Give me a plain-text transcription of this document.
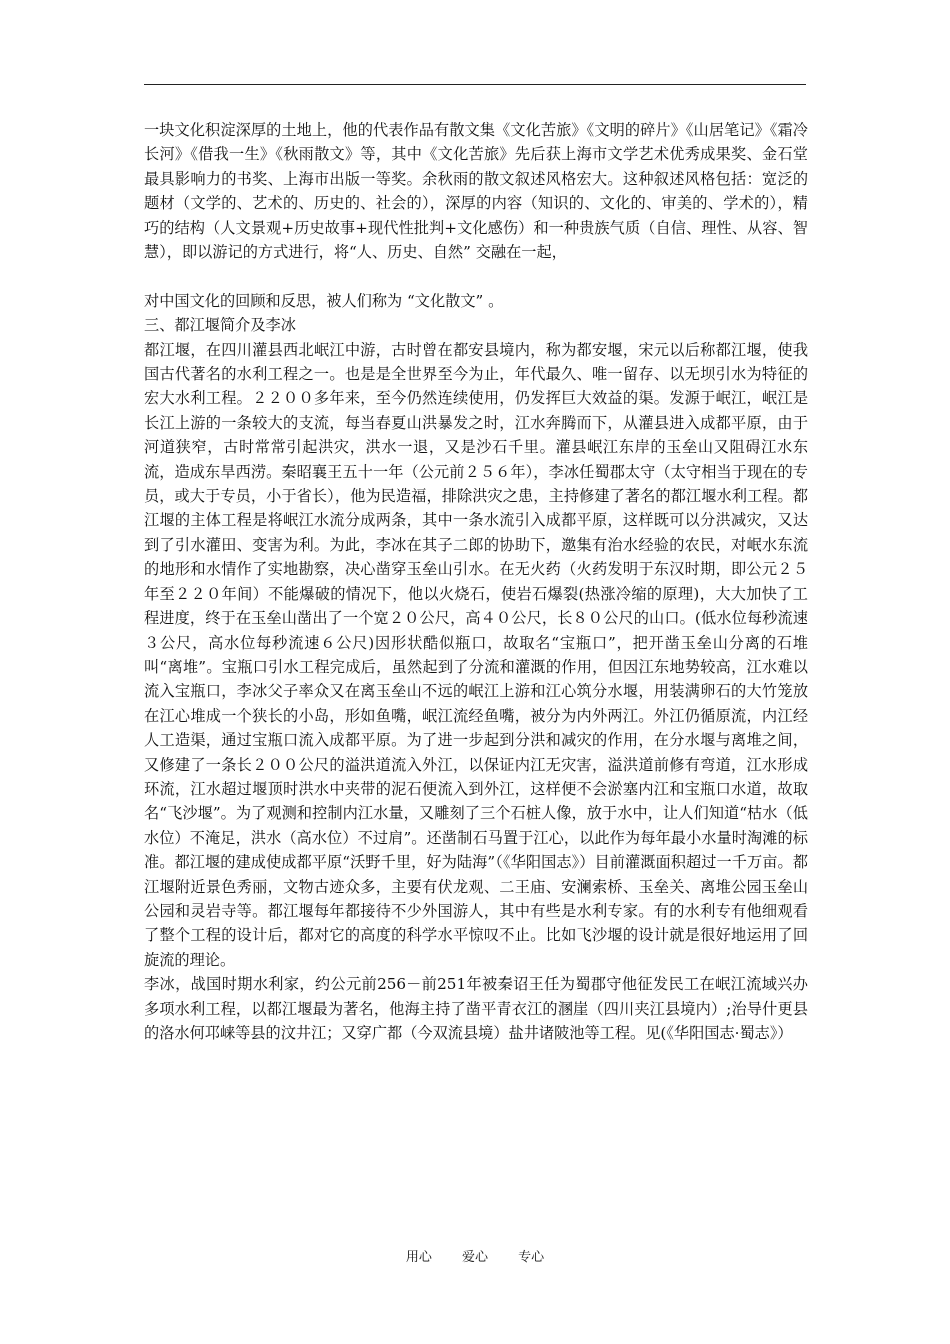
一块文化积淀深厚的土地上，他的代表作品有散文集《文化苦旅》《文明的碎片》《山居笔记》《霜冷长河》《借我一生》《秋雨散文》等，其中《文化苦旅》先后获上海市文学艺术优秀成果奖、金石堂最具影响力的书奖、上海市出版一等奖。余秋雨的散文叙述风格宏大。这种叙述风格包括：宽泛的题材（文学的、艺术的、历史的、社会的），深厚的内容（知识的、文化的、审美的、学术的），精巧的结构（人文景观+历史故事+现代性批判+文化感伤）和一种贵族气质（自信、理性、从容、智慧），即以游记的方式进行，将“人、历史、自然” 交融在一起，

对中国文化的回顾和反思，被人们称为 “文化散文” 。

三、都江堰简介及李冰

都江堰，在四川灌县西北岷江中游，古时曾在都安县境内，称为都安堰，宋元以后称都江堰，使我国古代著名的水利工程之一。也是是全世界至今为止，年代最久、唯一留存、以无坝引水为特征的宏大水利工程。２２００多年来，至今仍然连续使用，仍发挥巨大效益的渠。发源于岷江，岷江是长江上游的一条较大的支流，每当春夏山洪暴发之时，江水奔腾而下，从灌县进入成都平原，由于河道狭窄，古时常常引起洪灾，洪水一退，又是沙石千里。灌县岷江东岸的玉垒山又阻碍江水东流，造成东旱西涝。秦昭襄王五十一年（公元前２５６年），李冰任蜀郡太守（太守相当于现在的专员，或大于专员，小于省长），他为民造福，排除洪灾之患，主持修建了著名的都江堰水利工程。都江堰的主体工程是将岷江水流分成两条，其中一条水流引入成都平原，这样既可以分洪减灾，又达到了引水灌田、变害为利。为此，李冰在其子二郎的协助下，邀集有治水经验的农民，对岷水东流的地形和水情作了实地勘察，决心凿穿玉垒山引水。在无火药（火药发明于东汉时期，即公元２５年至２２０年间）不能爆破的情况下，他以火烧石，使岩石爆裂(热涨冷缩的原理)，大大加快了工程进度，终于在玉垒山凿出了一个宽２０公尺，高４０公尺，长８０公尺的山口。(低水位每秒流速３公尺，高水位每秒流速６公尺)因形状酷似瓶口，故取名“宝瓶口”，把开凿玉垒山分离的石堆叫“离堆”。宝瓶口引水工程完成后，虽然起到了分流和灌溉的作用，但因江东地势较高，江水难以流入宝瓶口，李冰父子率众又在离玉垒山不远的岷江上游和江心筑分水堰，用装满卵石的大竹笼放在江心堆成一个狭长的小岛，形如鱼嘴，岷江流经鱼嘴，被分为内外两江。外江仍循原流，内江经人工造渠，通过宝瓶口流入成都平原。为了进一步起到分洪和减灾的作用，在分水堰与离堆之间，又修建了一条长２００公尺的溢洪道流入外江，以保证内江无灾害，溢洪道前修有弯道，江水形成环流，江水超过堰顶时洪水中夹带的泥石便流入到外江，这样便不会淤塞内江和宝瓶口水道，故取名“飞沙堰”。为了观测和控制内江水量，又雕刻了三个石桩人像，放于水中，让人们知道“枯水（低水位）不淹足，洪水（高水位）不过肩”。还凿制石马置于江心，以此作为每年最小水量时淘滩的标准。都江堰的建成使成都平原“沃野千里，好为陆海”（《华阳国志》）目前灌溉面积超过一千万亩。都江堰附近景色秀丽，文物古迹众多，主要有伏龙观、二王庙、安澜索桥、玉垒关、离堆公园玉垒山公园和灵岩寺等。都江堰每年都接待不少外国游人，其中有些是水利专家。有的水利专有他细观看了整个工程的设计后，都对它的高度的科学水平惊叹不止。比如飞沙堰的设计就是很好地运用了回旋流的理论。

李冰，战国时期水利家，约公元前256－前251年被秦诏王任为蜀郡守他征发民工在岷江流域兴办多项水利工程，以都江堰最为著名，他海主持了凿平青衣江的溷崖（四川夹江县境内）;治导什更县的洛水何邛崃等县的汶井江；又穿广都（今双流县境）盐井诸陂池等工程。见(《华阳国志·蜀志》）

用心 爱心 专心
